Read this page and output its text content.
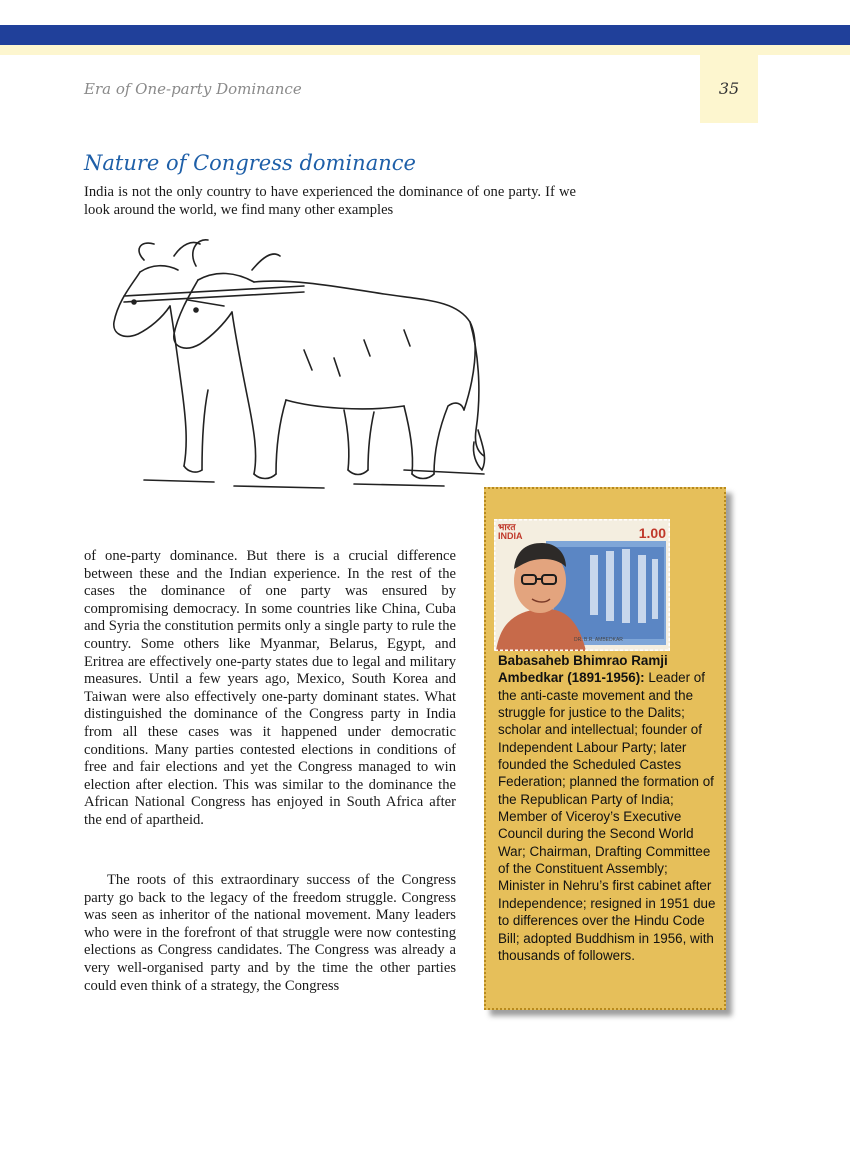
35
Era of One-party Dominance
Nature of Congress dominance

India is not the only country to have experienced the dominance of one party. If we look around the world, we find many other examples

of one-party dominance. But there is a crucial difference between these and the Indian experience. In the rest of the cases the dominance of one party was ensured by compromising democracy. In some countries like China, Cuba and Syria the constitution permits only a single party to rule the country. Some others like Myanmar, Belarus, Egypt, and Eritrea are effectively one-party states due to legal and military measures. Until a few years ago, Mexico, South Korea and Taiwan were also effectively one-party dominant states. What distinguished the dominance of the Congress party in India from all these cases was it happened under democratic conditions. Many parties contested elections in conditions of free and fair elections and yet the Congress managed to win election after election. This was similar to the dominance the African National Congress has enjoyed in South Africa after the end of apartheid.

The roots of this extraordinary success of the Congress party go back to the legacy of the freedom struggle. Congress was seen as inheritor of the national movement. Many leaders who were in the forefront of that struggle were now contesting elections as Congress candidates. The Congress was already a very well-organised party and by the time the other parties could even think of a strategy, the Congress

भारत
INDIA	1.00
DR. B.R. AMBEDKAR

Babasaheb Bhimrao Ramji Ambedkar (1891-1956): Leader of the anti-caste movement and the struggle for justice to the Dalits; scholar and intellectual; founder of Independent Labour Party; later founded the Scheduled Castes Federation; planned the formation of the Republican Party of India; Member of Viceroy’s Executive Council during the Second World War; Chairman, Drafting Committee of the Constituent Assembly; Minister in Nehru’s first cabinet after Independence; resigned in 1951 due to differences over the Hindu Code Bill; adopted Buddhism in 1956, with thousands of followers.
